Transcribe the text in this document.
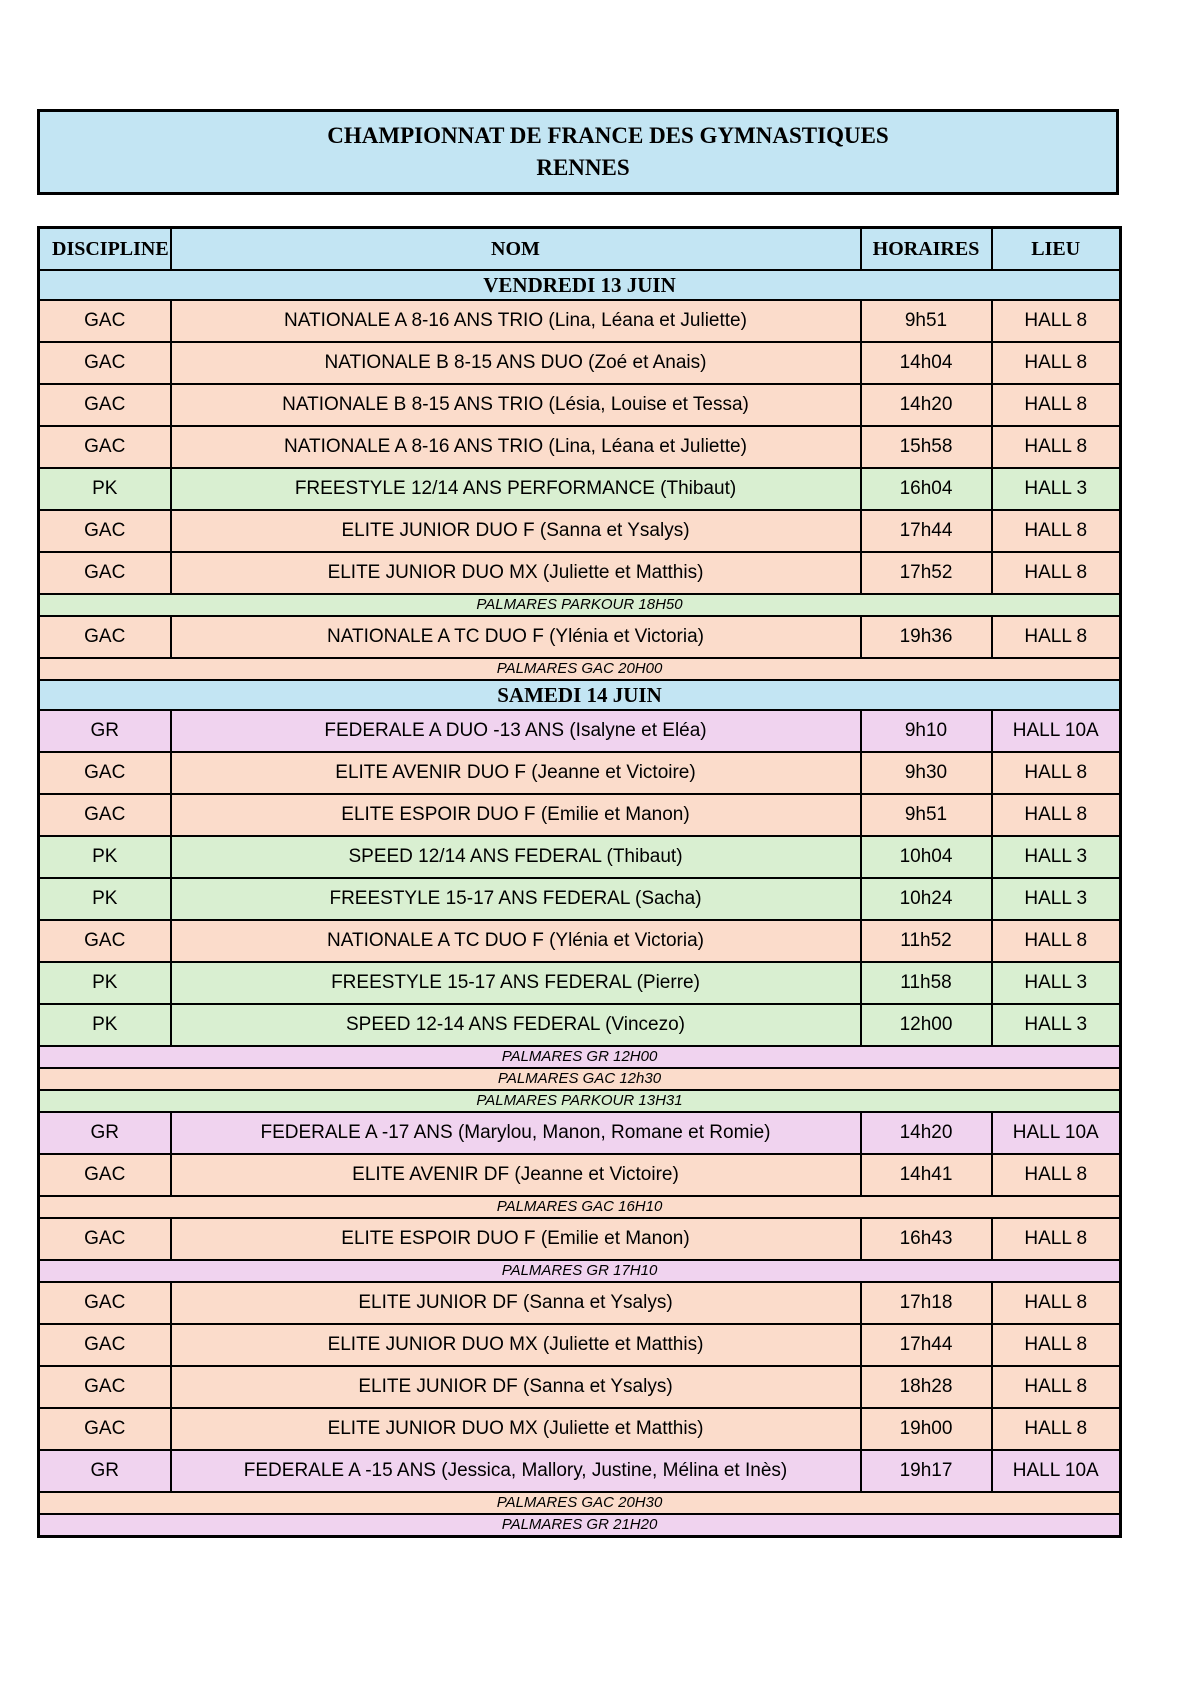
CHAMPIONNAT DE FRANCE DES GYMNASTIQUES
RENNES
DISCIPLINE	NOM	HORAIRES	LIEU
VENDREDI 13 JUIN			
GAC	NATIONALE A 8-16 ANS TRIO (Lina, Léana et Juliette)	9h51	HALL 8
GAC	NATIONALE B 8-15 ANS DUO (Zoé et Anais)	14h04	HALL 8
GAC	NATIONALE B 8-15 ANS TRIO (Lésia, Louise et Tessa)	14h20	HALL 8
GAC	NATIONALE A 8-16 ANS TRIO (Lina, Léana et Juliette)	15h58	HALL 8
PK	FREESTYLE 12/14 ANS PERFORMANCE (Thibaut)	16h04	HALL 3
GAC	ELITE JUNIOR DUO F (Sanna et Ysalys)	17h44	HALL 8
GAC	ELITE JUNIOR DUO MX (Juliette et Matthis)	17h52	HALL 8
PALMARES PARKOUR 18H50			
GAC	NATIONALE A TC DUO F (Ylénia et Victoria)	19h36	HALL 8
PALMARES GAC 20H00			
SAMEDI 14 JUIN			
GR	FEDERALE A DUO -13 ANS (Isalyne et Eléa)	9h10	HALL 10A
GAC	ELITE AVENIR DUO F (Jeanne et Victoire)	9h30	HALL 8
GAC	ELITE ESPOIR DUO F (Emilie et Manon)	9h51	HALL 8
PK	SPEED 12/14 ANS FEDERAL (Thibaut)	10h04	HALL 3
PK	FREESTYLE 15-17 ANS FEDERAL (Sacha)	10h24	HALL 3
GAC	NATIONALE A TC DUO F (Ylénia et Victoria)	11h52	HALL 8
PK	FREESTYLE 15-17 ANS FEDERAL (Pierre)	11h58	HALL 3
PK	SPEED 12-14 ANS FEDERAL (Vincezo)	12h00	HALL 3
PALMARES GR 12H00			
PALMARES GAC 12h30			
PALMARES PARKOUR 13H31			
GR	FEDERALE A -17 ANS (Marylou, Manon, Romane et Romie)	14h20	HALL 10A
GAC	ELITE AVENIR DF (Jeanne et Victoire)	14h41	HALL 8
PALMARES GAC 16H10			
GAC	ELITE ESPOIR DUO F (Emilie et Manon)	16h43	HALL 8
PALMARES GR 17H10			
GAC	ELITE JUNIOR DF (Sanna et Ysalys)	17h18	HALL 8
GAC	ELITE JUNIOR DUO MX (Juliette et Matthis)	17h44	HALL 8
GAC	ELITE JUNIOR DF (Sanna et Ysalys)	18h28	HALL 8
GAC	ELITE JUNIOR DUO MX (Juliette et Matthis)	19h00	HALL 8
GR	FEDERALE A -15 ANS (Jessica, Mallory, Justine, Mélina et Inès)	19h17	HALL 10A
PALMARES GAC 20H30			
PALMARES GR 21H20			
